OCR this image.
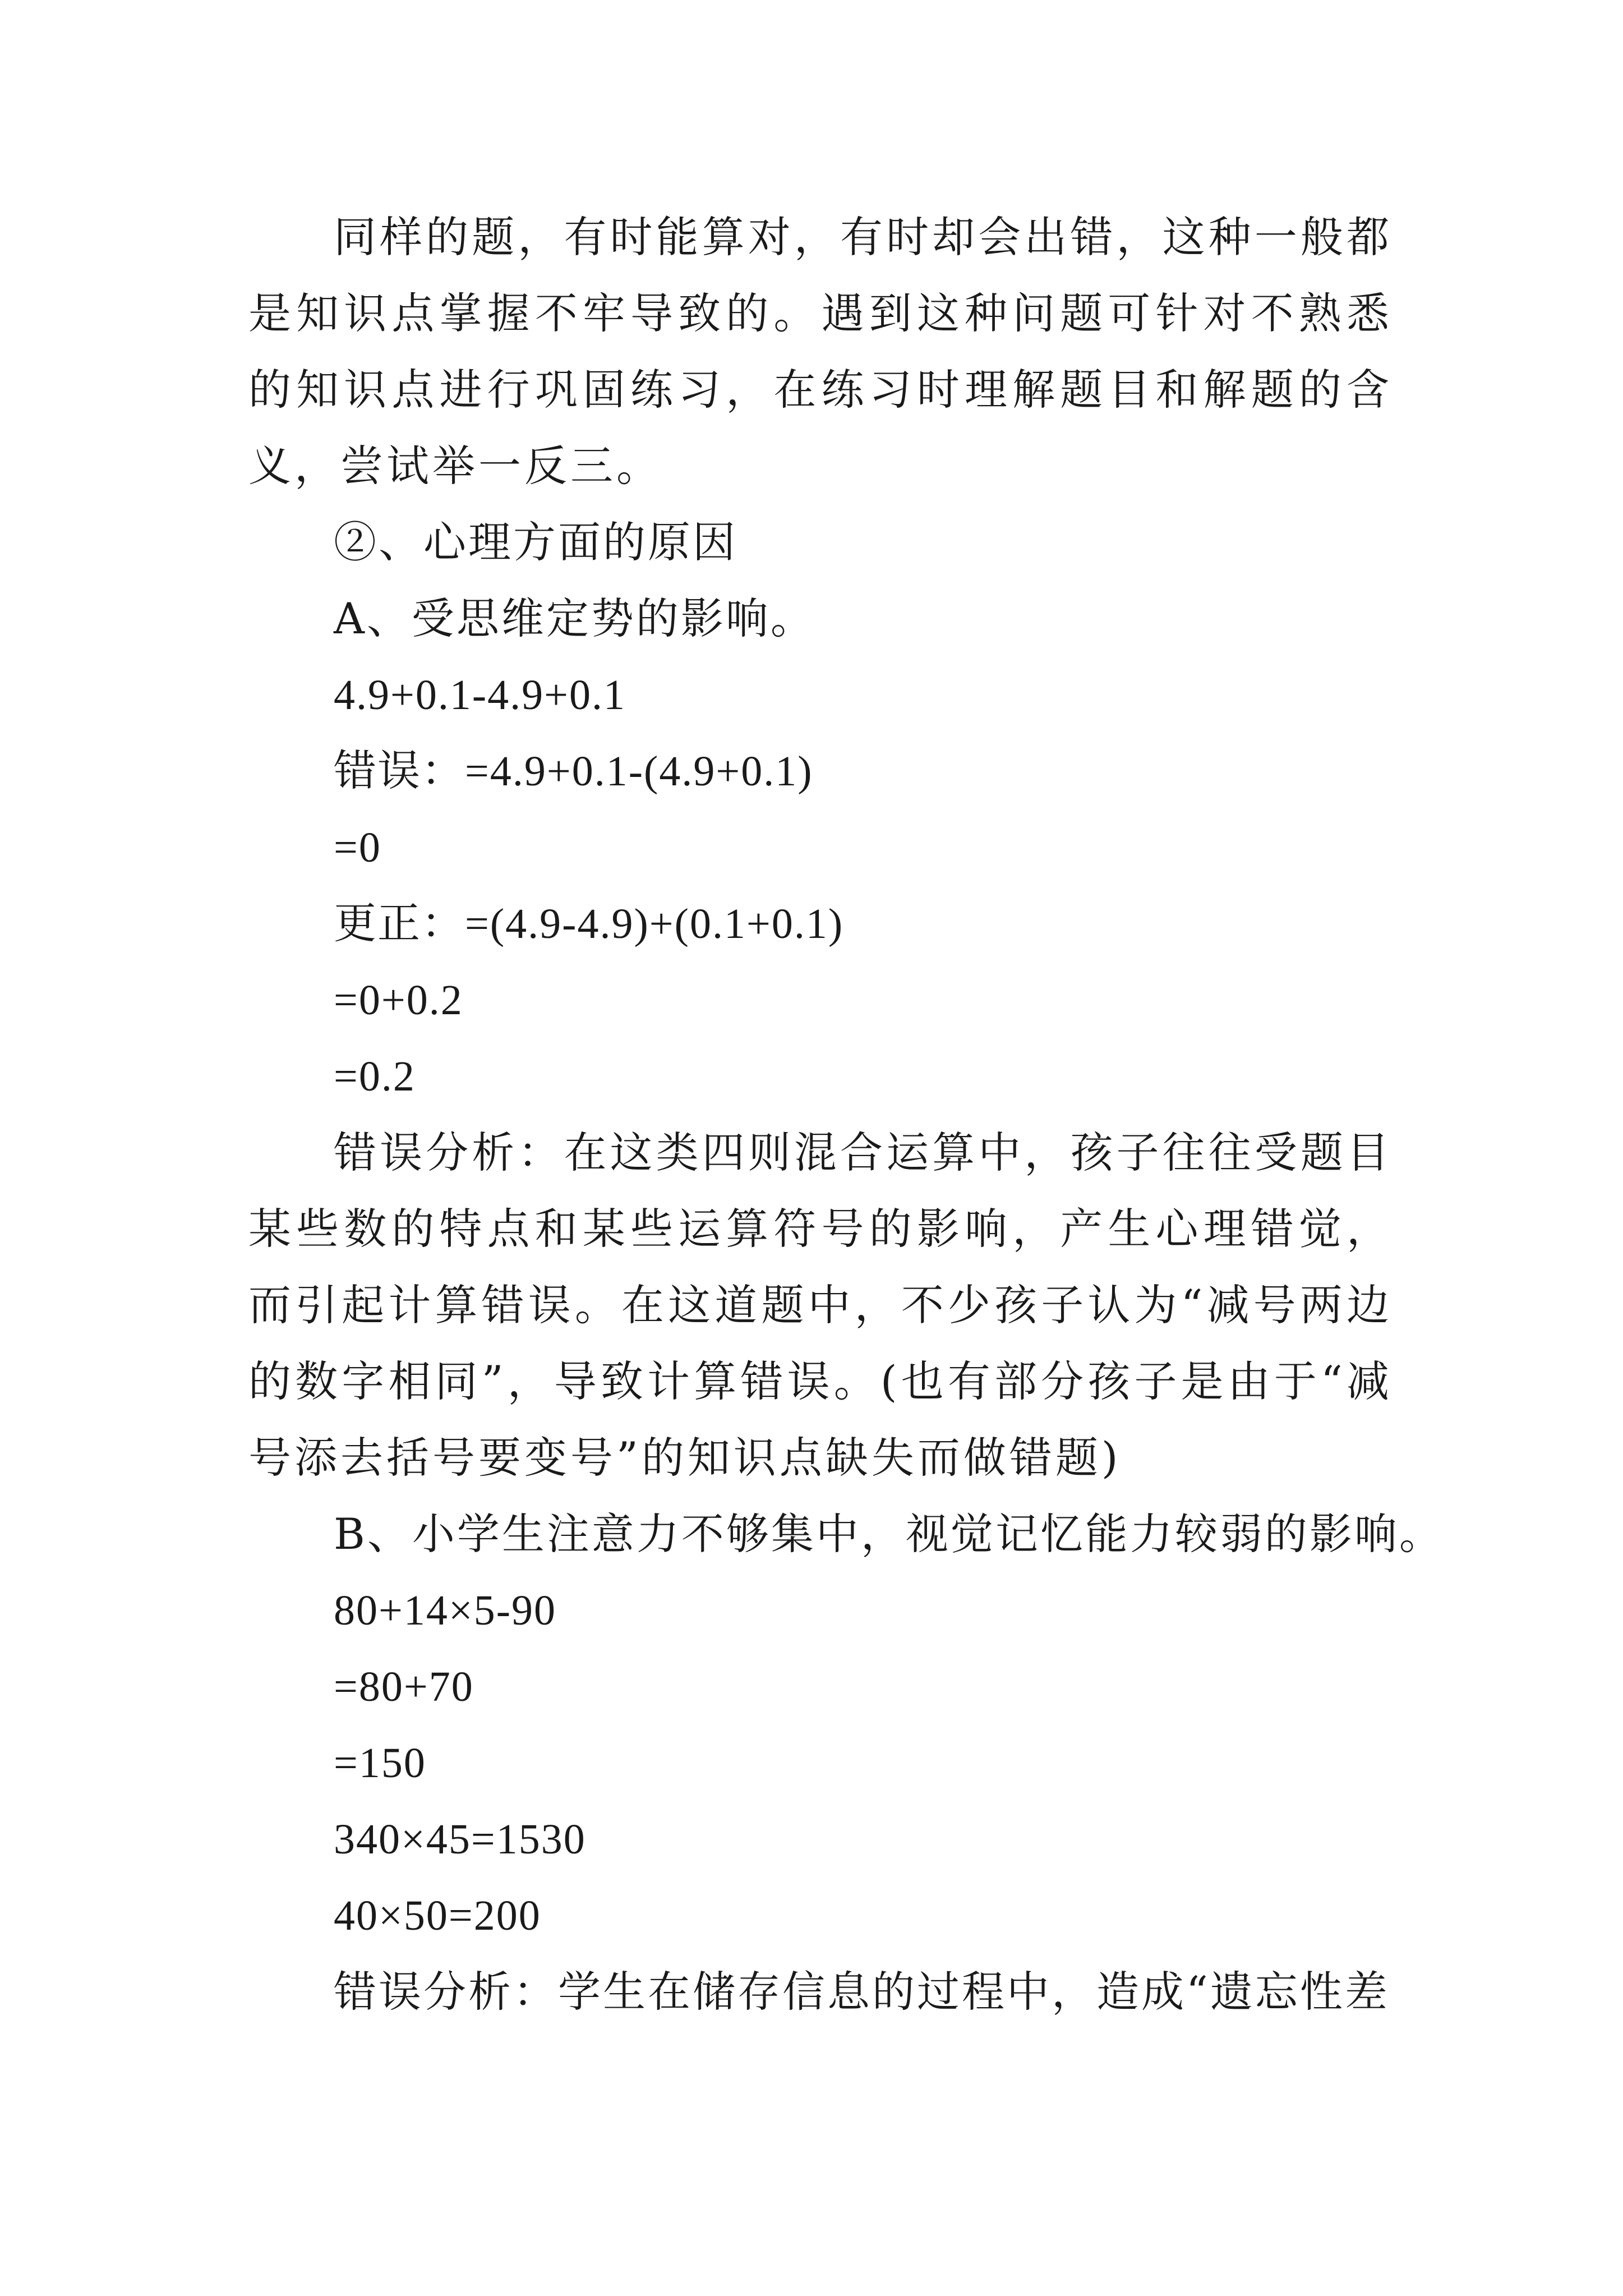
同样的题，有时能算对，有时却会出错，这种一般都是知识点掌握不牢导致的。遇到这种问题可针对不熟悉的知识点进行巩固练习，在练习时理解题目和解题的含义，尝试举一反三。

②、心理方面的原因

A、受思维定势的影响。

4.9+0.1-4.9+0.1

错误：=4.9+0.1-(4.9+0.1)

=0

更正：=(4.9-4.9)+(0.1+0.1)

=0+0.2

=0.2

错误分析：在这类四则混合运算中，孩子往往受题目某些数的特点和某些运算符号的影响，产生心理错觉，而引起计算错误。在这道题中，不少孩子认为“减号两边的数字相同”，导致计算错误。(也有部分孩子是由于“减号添去括号要变号”的知识点缺失而做错题)

B、小学生注意力不够集中，视觉记忆能力较弱的影响。

80+14×5-90

=80+70

=150

340×45=1530

40×50=200

错误分析：学生在储存信息的过程中，造成“遗忘性差
